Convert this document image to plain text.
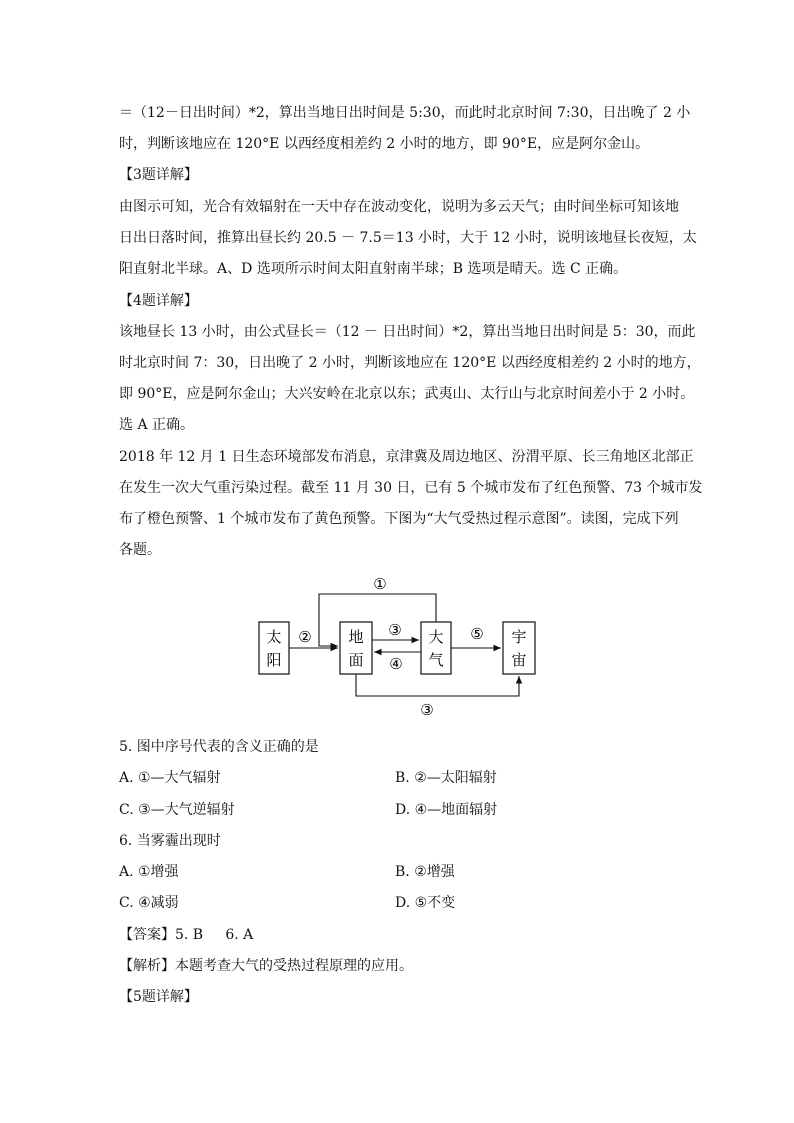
＝（12－日出时间）*2，算出当地日出时间是 5:30，而此时北京时间 7:30，日出晚了 2 小
时，判断该地应在 120°E 以西经度相差约 2 小时的地方，即 90°E，应是阿尔金山。
【3题详解】
由图示可知，光合有效辐射在一天中存在波动变化，说明为多云天气；由时间坐标可知该地
日出日落时间，推算出昼长约 20.5 － 7.5＝13 小时，大于 12 小时，说明该地昼长夜短，太
阳直射北半球。A、D 选项所示时间太阳直射南半球；B 选项是晴天。选 C 正确。
【4题详解】
该地昼长 13 小时，由公式昼长＝（12 － 日出时间）*2，算出当地日出时间是 5：30，而此
时北京时间 7：30，日出晚了 2 小时，判断该地应在 120°E 以西经度相差约 2 小时的地方，
即 90°E，应是阿尔金山；大兴安岭在北京以东；武夷山、太行山与北京时间差小于 2 小时。
选 A 正确。
2018 年 12 月 1 日生态环境部发布消息，京津冀及周边地区、汾渭平原、长三角地区北部正
在发生一次大气重污染过程。截至 11 月 30 日，已有 5 个城市发布了红色预警、73 个城市发
布了橙色预警、1 个城市发布了黄色预警。下图为“大气受热过程示意图”。读图，完成下列
各题。
太
阳
地
面
大
气
宇
宙
①
②	③
④
⑤
③
5. 图中序号代表的含义正确的是
A. ①—大气辐射	B. ②—太阳辐射
C. ③—大气逆辐射	D. ④—地面辐射
6. 当雾霾出现时
A. ①增强	B. ②增强
C. ④减弱	D. ⑤不变
【答案】5. B     6. A
【解析】本题考查大气的受热过程原理的应用。
【5题详解】
